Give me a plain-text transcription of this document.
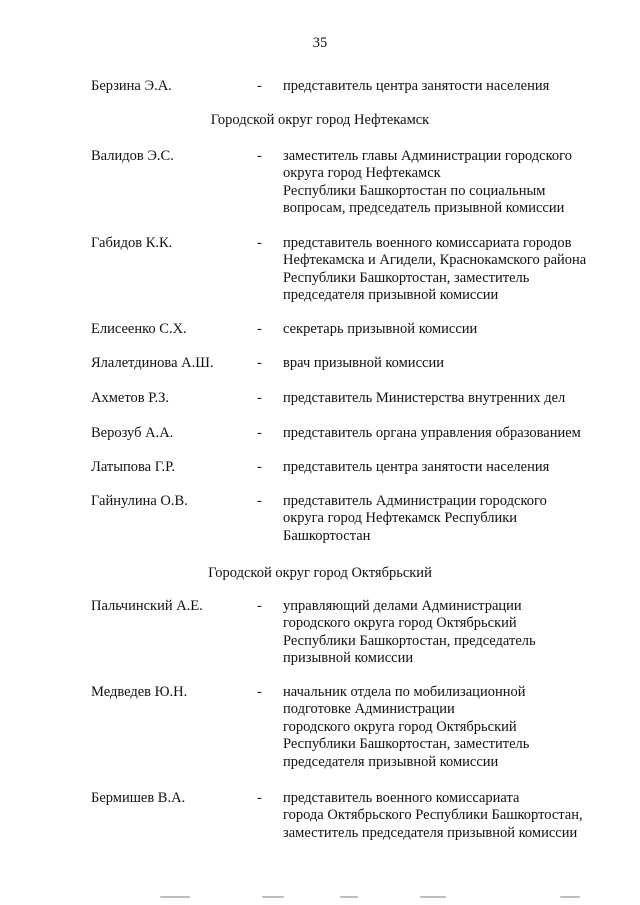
35
Берзина Э.А.	- представитель центра занятости населения
Городской округ город Нефтекамск
Валидов Э.С.	- заместитель главы Администрации городского
округа город Нефтекамск
Республики Башкортостан по социальным
вопросам, председатель призывной комиссии
Габидов К.К.	- представитель военного комиссариата городов
Нефтекамска и Агидели, Краснокамского района
Республики Башкортостан, заместитель
председателя призывной комиссии
Елисеенко С.Х.	- секретарь призывной комиссии
Ялалетдинова А.Ш.	- врач призывной комиссии
Ахметов Р.З.	- представитель Министерства внутренних дел
Верозуб А.А.	- представитель органа управления образованием
Латыпова Г.Р.	- представитель центра занятости населения
Гайнулина О.В.	- представитель Администрации городского
округа город Нефтекамск Республики
Башкортостан
Городской округ город Октябрьский
Пальчинский А.Е.	- управляющий делами Администрации
городского округа город Октябрьский
Республики Башкортостан, председатель
призывной комиссии
Медведев Ю.Н.	- начальник отдела по мобилизационной
подготовке Администрации
городского округа город Октябрьский
Республики Башкортостан, заместитель
председателя призывной комиссии
Бермишев В.А.	- представитель военного комиссариата
города Октябрьского Республики Башкортостан,
заместитель председателя призывной комиссии
